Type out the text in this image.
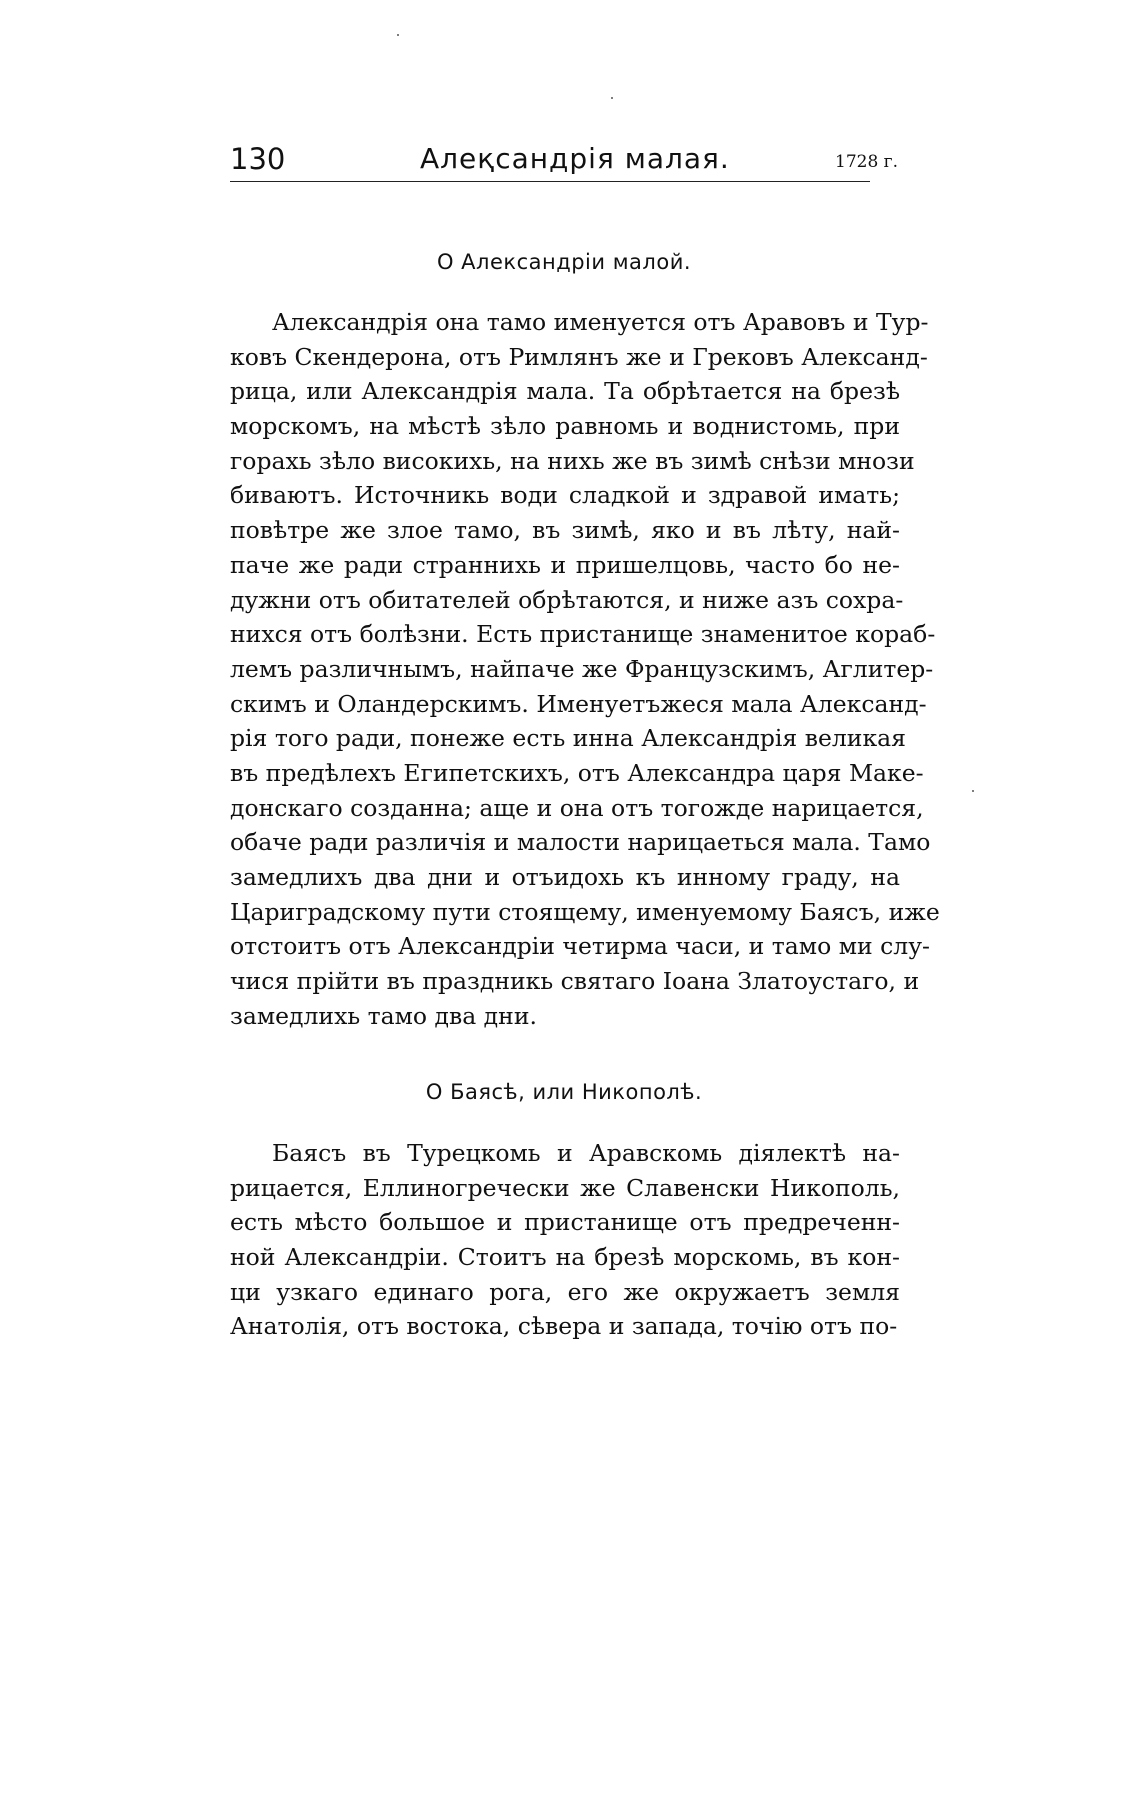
130	Алеқсандрія малая.	1728 г.
О Александріи малой.
Александрія она тамо именуется отъ Аравовъ и Тур-
ковъ Скендерона, отъ Римлянъ же и Грековъ Александ-
рица, или Александрія мала. Та обрѣтается на брезѣ
морскомъ, на мѣстѣ зѣло равномь и воднистомь, при
горахь зѣло високихь, на нихь же въ зимѣ снѣзи мнози
биваютъ. Источникь води сладкой и здравой имать;
повѣтре же злое тамо, въ зимѣ, яко и въ лѣту, най-
паче же ради страннихь и пришелцовь, часто бо не-
дужни отъ обитателей обрѣтаются, и ниже азъ сохра-
нихся отъ болѣзни. Есть пристанище знаменитое кораб-
лемъ различнымъ, найпаче же Французскимъ, Аглитер-
скимъ и Оландерскимъ. Именуетъжеся мала Александ-
рія того ради, понеже есть инна Александрія великая
въ предѣлехъ Египетскихъ, отъ Александра царя Маке-
донскаго созданна; аще и она отъ тогожде нарицается,
обаче ради различія и малости нарицаеться мала. Тамо
замедлихъ два дни и отъидохь къ инному граду, на
Цариградскому пути стоящему, именуемому Баясъ, иже
отстоитъ отъ Александріи четирма часи, и тамо ми слу-
чися прійти въ праздникь святаго Іоана Златоустаго, и
замедлихь тамо два дни.
О Баясѣ, или Никополѣ.
Баясъ въ Турецкомь и Аравскомь діялектѣ на-
рицается, Еллиногречески же Славенски Никополь,
есть мѣсто большое и пристанище отъ предреченн-
ной Александріи. Стоитъ на брезѣ морскомь, въ кон-
ци узкаго единаго рога, его же окружаетъ земля
Анатолія, отъ востока, сѣвера и запада, точію отъ по-
